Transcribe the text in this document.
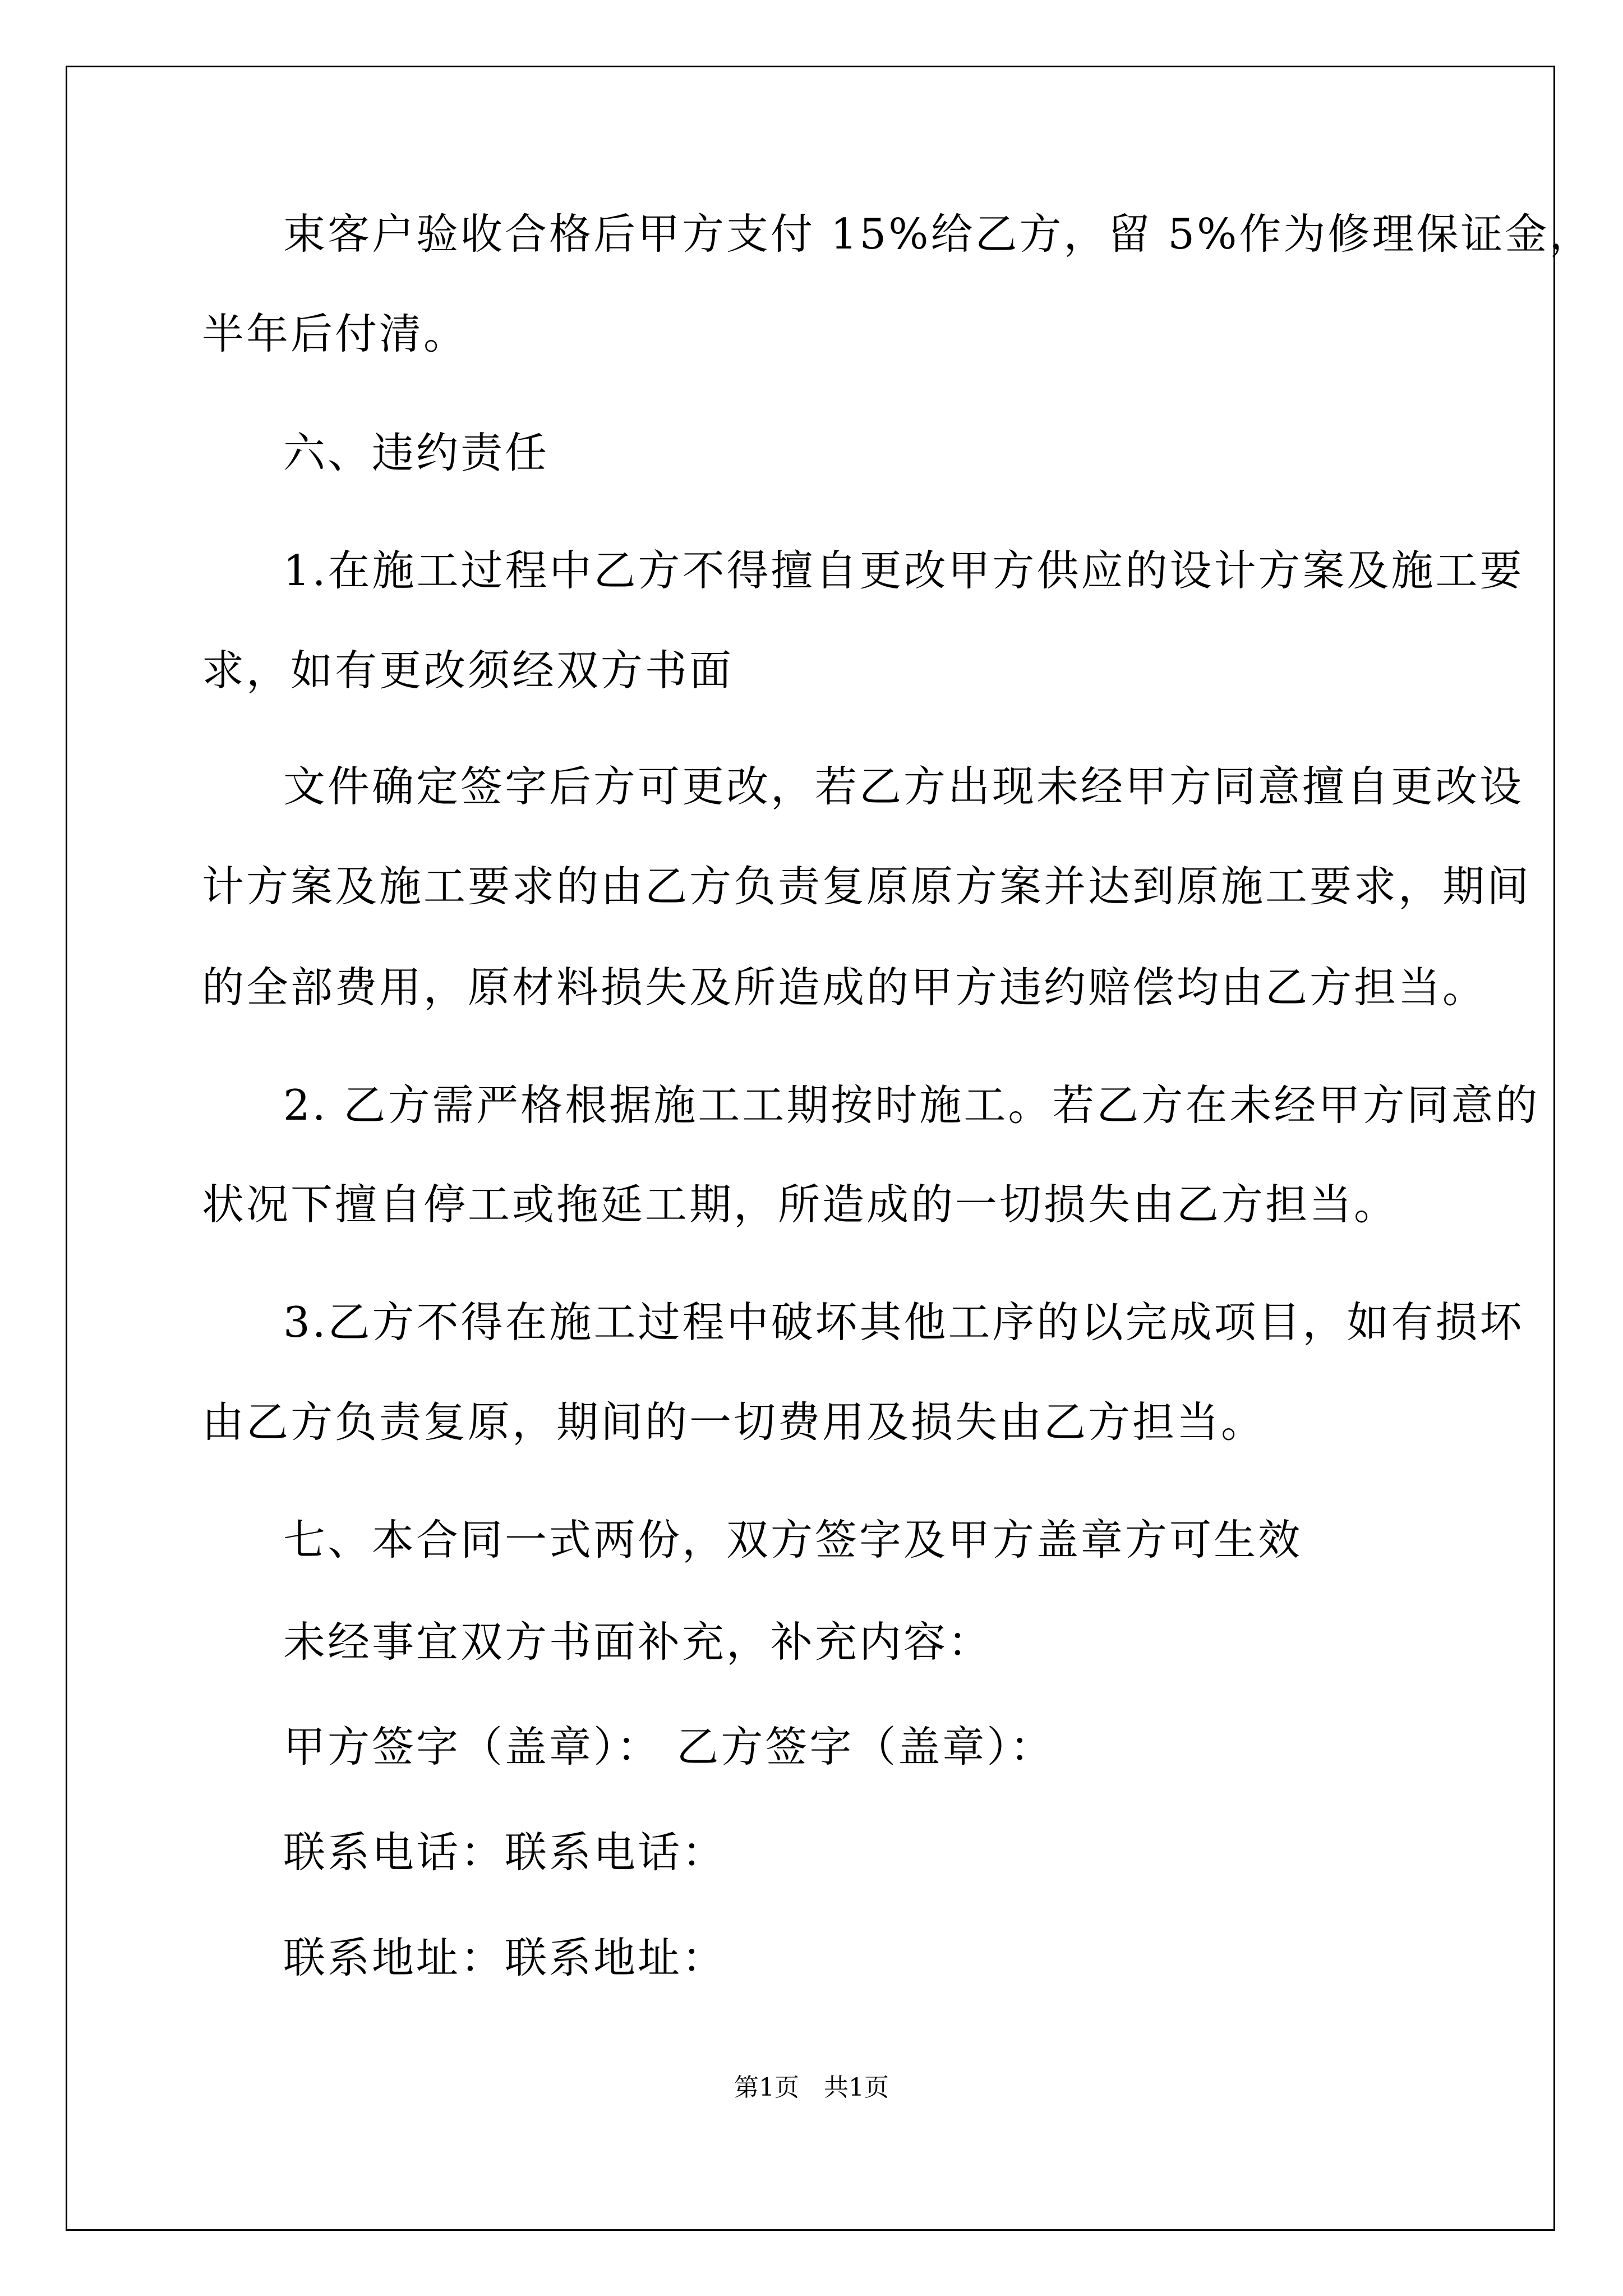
束客户验收合格后甲方支付 15%给乙方，留 5%作为修理保证金，

半年后付清。

六、违约责任

1.在施工过程中乙方不得擅自更改甲方供应的设计方案及施工要

求，如有更改须经双方书面

文件确定签字后方可更改，若乙方出现未经甲方同意擅自更改设

计方案及施工要求的由乙方负责复原原方案并达到原施工要求，期间

的全部费用，原材料损失及所造成的甲方违约赔偿均由乙方担当。

2. 乙方需严格根据施工工期按时施工。若乙方在未经甲方同意的

状况下擅自停工或拖延工期，所造成的一切损失由乙方担当。

3.乙方不得在施工过程中破坏其他工序的以完成项目，如有损坏

由乙方负责复原，期间的一切费用及损失由乙方担当。

七、本合同一式两份，双方签字及甲方盖章方可生效

未经事宜双方书面补充，补充内容：

甲方签字（盖章）： 乙方签字（盖章）：

联系电话：联系电话：

联系地址：联系地址：

第1页　共1页
